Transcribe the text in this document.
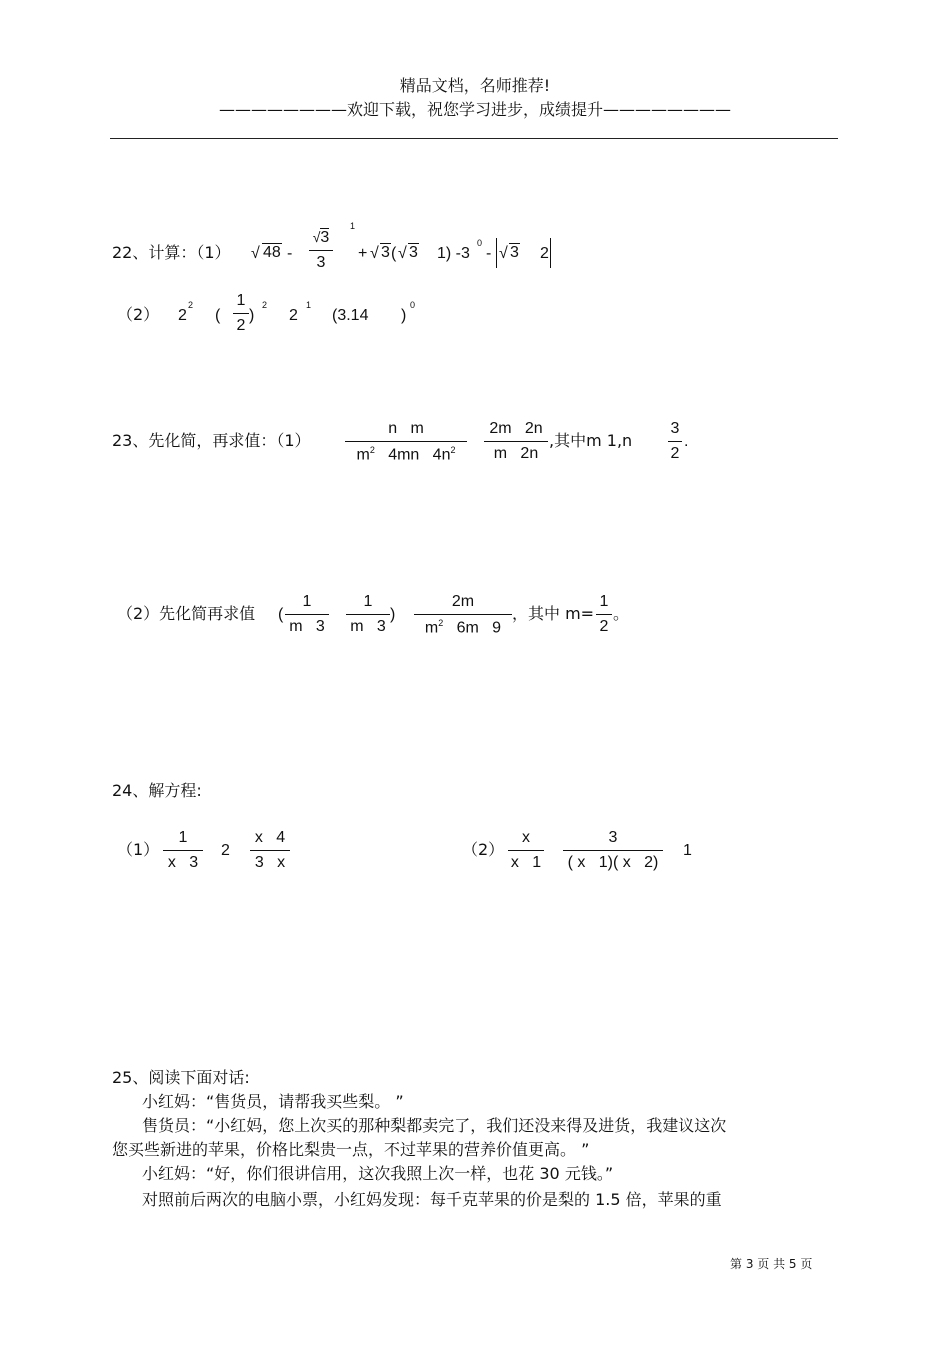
精品文档，名师推荐!
————————欢迎下载，祝您学习进步，成绩提升————————
22、计算：（1） √ 48 -
√3
3
1
+ √ 3 ( √ 3 1) -3
0
- √ 3 2
（2） 2
2
(
1
2
)
2
2
1
(3.14 )
0
23、先化简，再求值：（1）
n   m
$m^2$ 4mn   $4n^2$
2m   2n
m   2n
,其中m 1,n
3
2
.
（2）先化简再求值 (
1
m   3
1
m   3
)
2m
$m^2$ 6m   9
，其中 m=
1
2
。
24、解方程:
（1）
1
x   3
2
x   4
3   x
（2）
x
x   1
3
( x   1)( x   2)
1
25、阅读下面对话:
小红妈：“售货员，请帮我买些梨。 ”
售货员：“小红妈，您上次买的那种梨都卖完了，我们还没来得及进货，我建议这次
您买些新进的苹果，价格比梨贵一点，不过苹果的营养价值更高。 ”
小红妈：“好，你们很讲信用，这次我照上次一样，也花 30 元钱。”
对照前后两次的电脑小票，小红妈发现：每千克苹果的价是梨的 1.5 倍，苹果的重
第 3 页 共 5 页
